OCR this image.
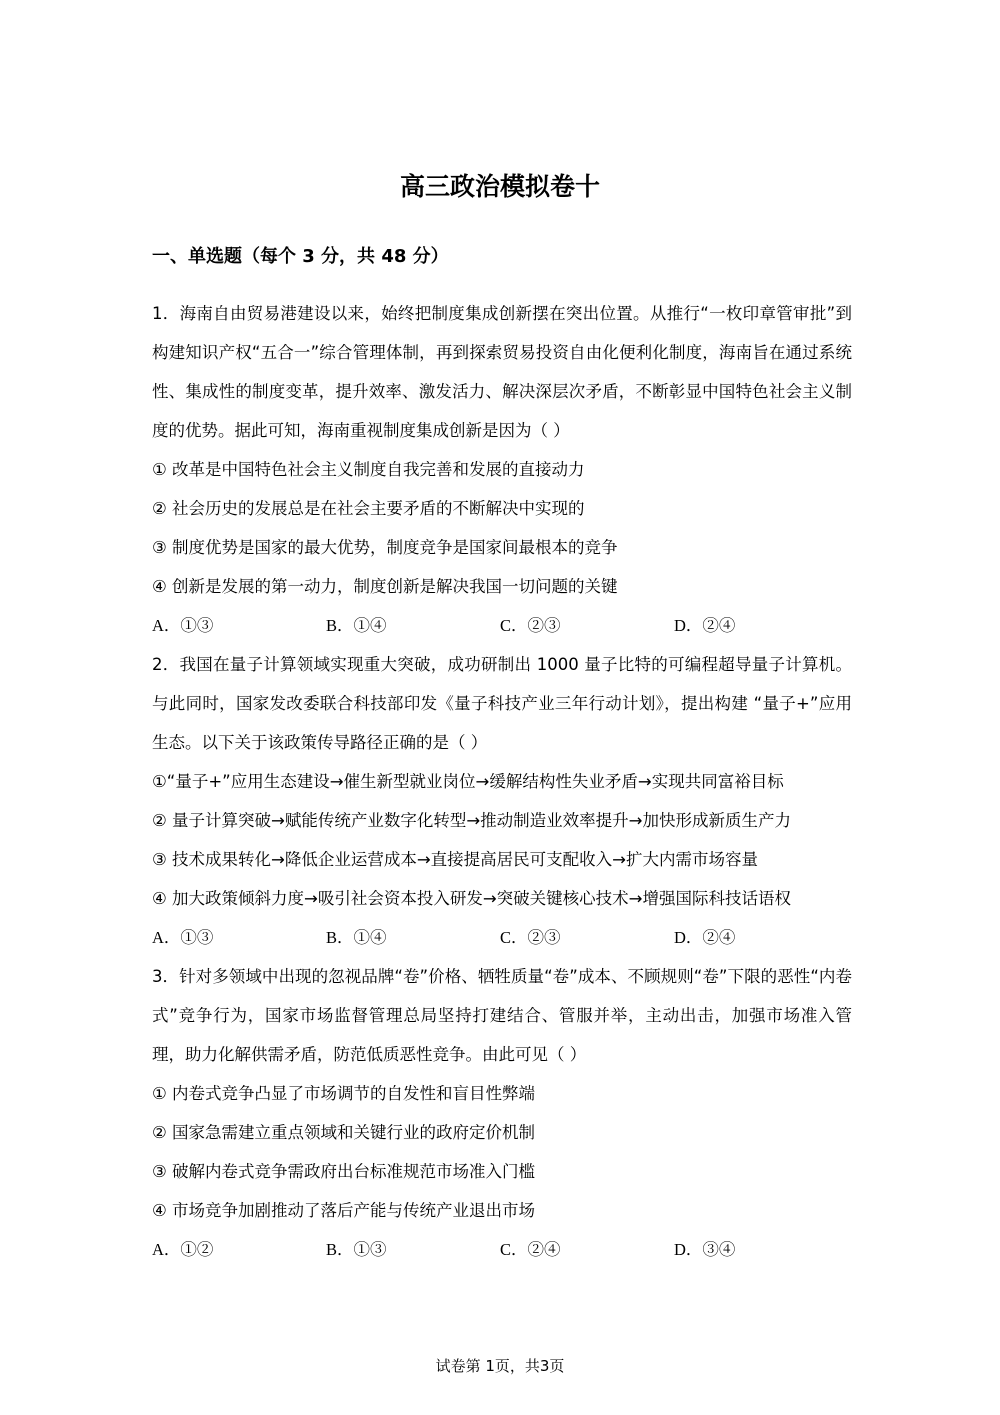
高三政治模拟卷十
一、单选题（每个 3 分，共 48 分）
1．海南自由贸易港建设以来，始终把制度集成创新摆在突出位置。从推行“一枚印章管审批”到构建知识产权“五合一”综合管理体制，再到探索贸易投资自由化便利化制度，海南旨在通过系统性、集成性的制度变革，提升效率、激发活力、解决深层次矛盾，不断彰显中国特色社会主义制度的优势。据此可知，海南重视制度集成创新是因为（ ）
① 改革是中国特色社会主义制度自我完善和发展的直接动力
② 社会历史的发展总是在社会主要矛盾的不断解决中实现的
③ 制度优势是国家的最大优势，制度竞争是国家间最根本的竞争
④ 创新是发展的第一动力，制度创新是解决我国一切问题的关键
A．①③	B．①④	C．②③	D．②④
2．我国在量子计算领域实现重大突破，成功研制出 1000 量子比特的可编程超导量子计算机。与此同时，国家发改委联合科技部印发《量子科技产业三年行动计划》，提出构建 “量子+”应用生态。以下关于该政策传导路径正确的是（ ）
①“量子+”应用生态建设→催生新型就业岗位→缓解结构性失业矛盾→实现共同富裕目标
② 量子计算突破→赋能传统产业数字化转型→推动制造业效率提升→加快形成新质生产力
③ 技术成果转化→降低企业运营成本→直接提高居民可支配收入→扩大内需市场容量
④ 加大政策倾斜力度→吸引社会资本投入研发→突破关键核心技术→增强国际科技话语权
A．①③	B．①④	C．②③	D．②④
3．针对多领域中出现的忽视品牌“卷”价格、牺牲质量“卷”成本、不顾规则“卷”下限的恶性“内卷式”竞争行为，国家市场监督管理总局坚持打建结合、管服并举，主动出击，加强市场准入管理，助力化解供需矛盾，防范低质恶性竞争。由此可见（ ）
① 内卷式竞争凸显了市场调节的自发性和盲目性弊端
② 国家急需建立重点领域和关键行业的政府定价机制
③ 破解内卷式竞争需政府出台标准规范市场准入门槛
④ 市场竞争加剧推动了落后产能与传统产业退出市场
A．①②	B．①③	C．②④	D．③④
试卷第 1页，共3页
